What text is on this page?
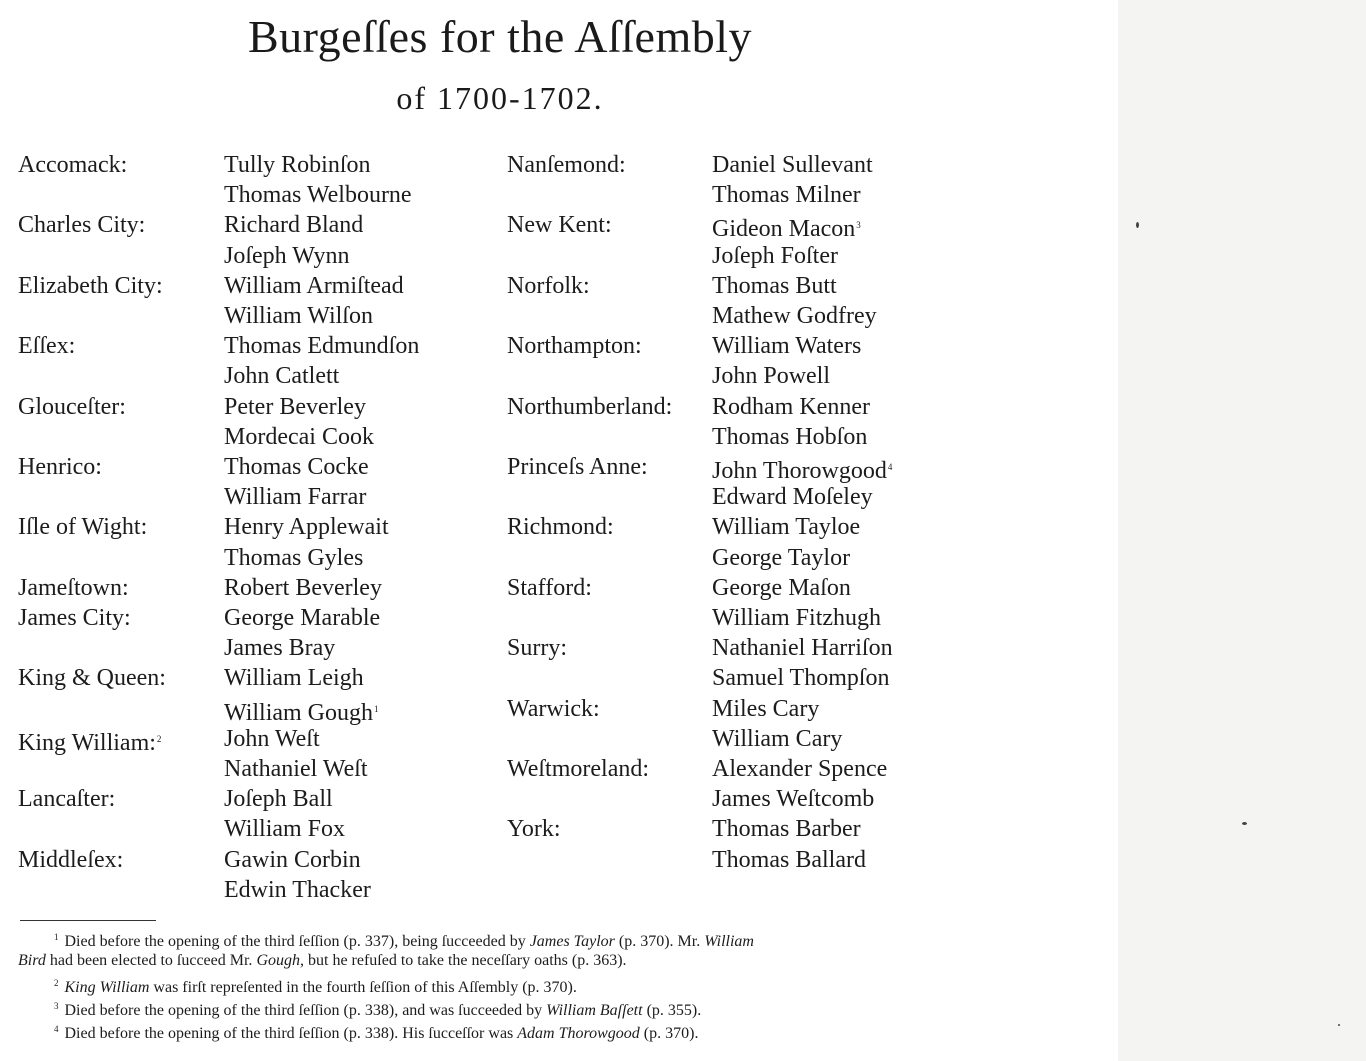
Burgeſſes for the Aſſembly
of 1700-1702.
Accomack:	Tully Robinſon
Thomas Welbourne
Charles City:	Richard Bland
Joſeph Wynn
Elizabeth City:	William Armiſtead
William Wilſon
Eſſex:	Thomas Edmundſon
John Catlett
Glouceſter:	Peter Beverley
Mordecai Cook
Henrico:	Thomas Cocke
William Farrar
Iſle of Wight:	Henry Applewait
Thomas Gyles
Jameſtown:	Robert Beverley
James City:	George Marable
James Bray
King & Queen: William Leigh
William Gough$^1$
King William:$^2$	John Weſt
Nathaniel Weſt
Lancaſter:	Joſeph Ball
William Fox
Middleſex:	Gawin Corbin
Edwin Thacker
Nanſemond:	Daniel Sullevant
Thomas Milner
New Kent:	Gideon Macon$^3$
Joſeph Foſter
Norfolk:	Thomas Butt
Mathew Godfrey
Northampton:	William Waters
John Powell
Northumberland: Rodham Kenner
Thomas Hobſon
Princeſs Anne:	John Thorowgood$^4$
Edward Moſeley
Richmond:	William Tayloe
George Taylor
Stafford:	George Maſon
William Fitzhugh
Surry:	Nathaniel Harriſon
Samuel Thompſon
Warwick:	Miles Cary
William Cary
Weſtmoreland:	Alexander Spence
James Weſtcomb
York:	Thomas Barber
Thomas Ballard
$^1$ Died before the opening of the third ſeſſion (p. 337), being ſucceeded by James Taylor (p. 370). Mr. William
Bird had been elected to ſucceed Mr. Gough, but he refuſed to take the neceſſary oaths (p. 363).
$^2$ King William was firſt repreſented in the fourth ſeſſion of this Aſſembly (p. 370).
$^3$ Died before the opening of the third ſeſſion (p. 338), and was ſucceeded by William Baſſett (p. 355).
$^4$ Died before the opening of the third ſeſſion (p. 338). His ſucceſſor was Adam Thorowgood (p. 370).
